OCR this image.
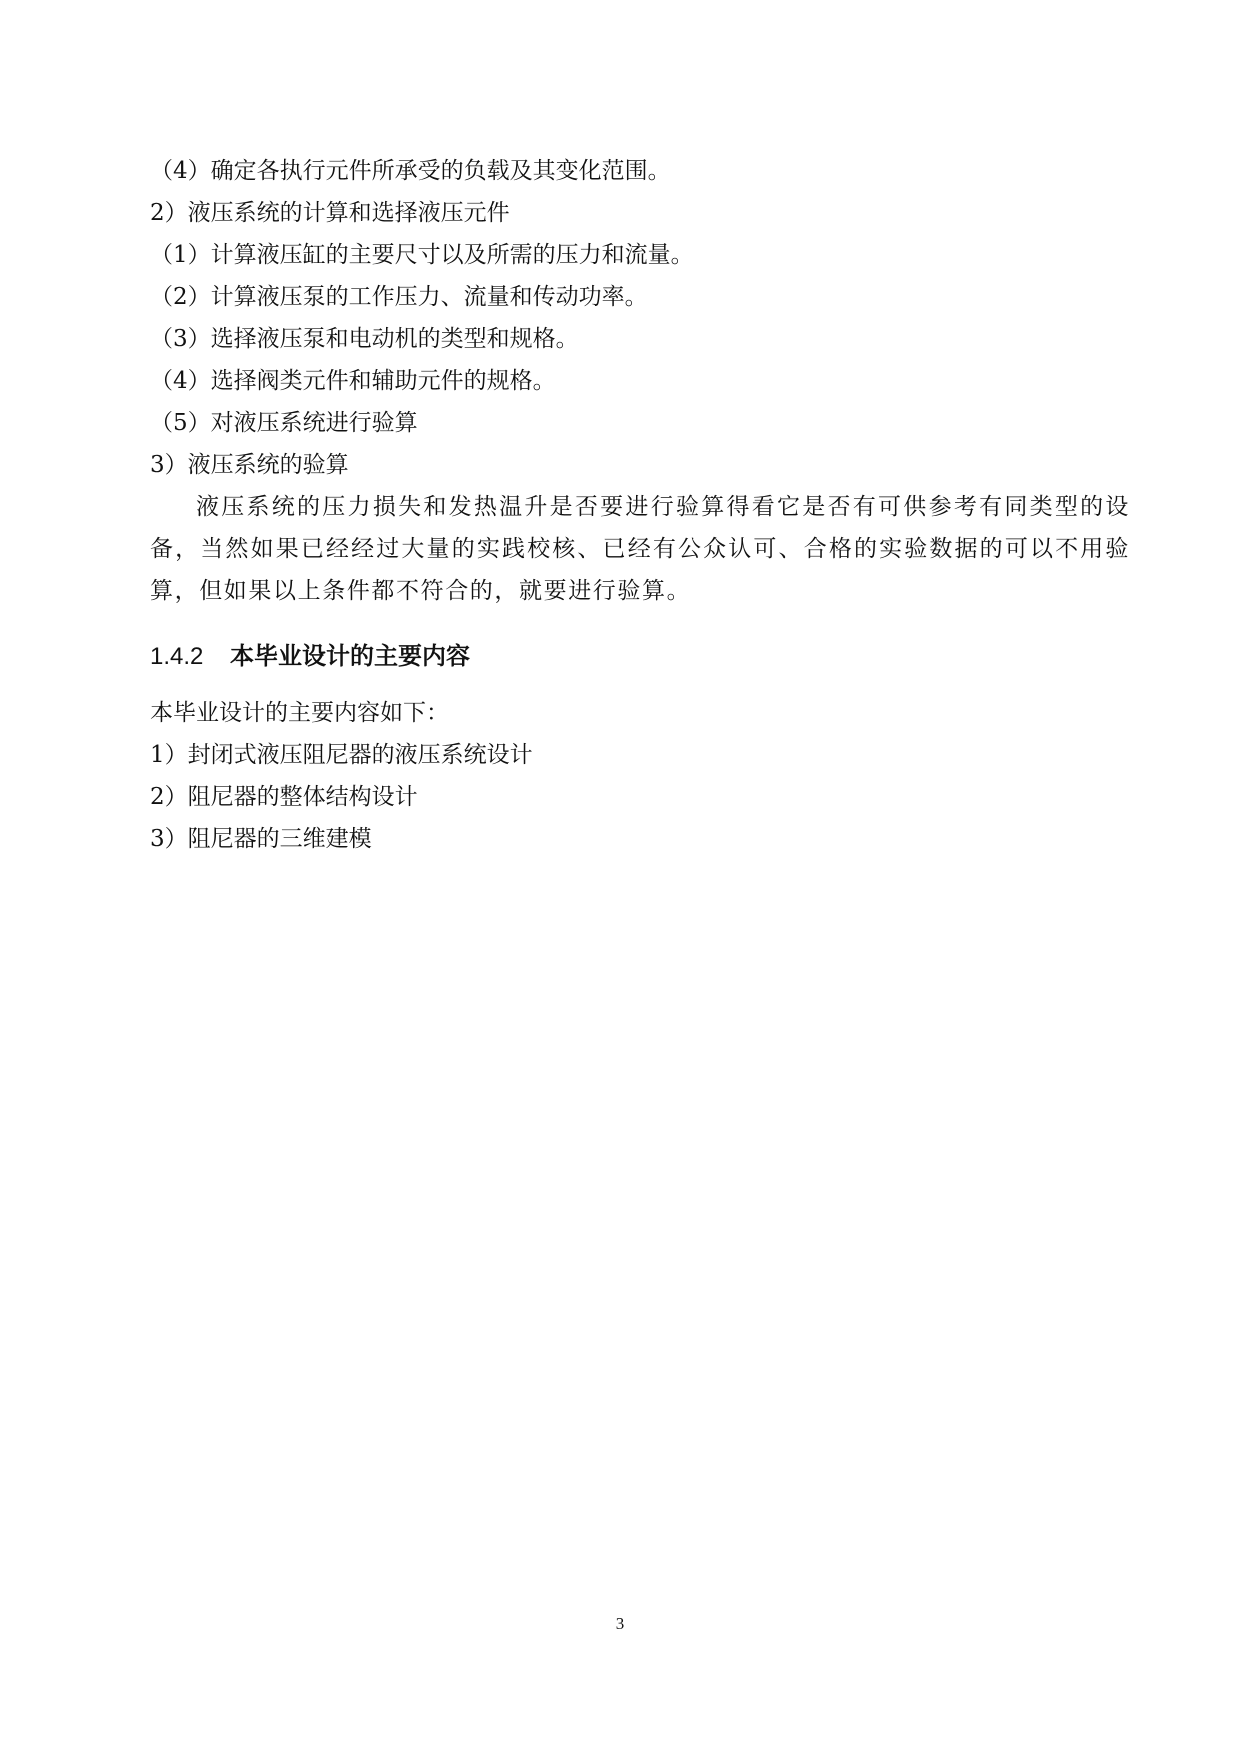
（4）确定各执行元件所承受的负载及其变化范围。
2）液压系统的计算和选择液压元件
（1）计算液压缸的主要尺寸以及所需的压力和流量。
（2）计算液压泵的工作压力、流量和传动功率。
（3）选择液压泵和电动机的类型和规格。
（4）选择阀类元件和辅助元件的规格。
（5）对液压系统进行验算
3）液压系统的验算

液压系统的压力损失和发热温升是否要进行验算得看它是否有可供参考有同类型的设备，当然如果已经经过大量的实践校核、已经有公众认可、合格的实验数据的可以不用验算，但如果以上条件都不符合的，就要进行验算。

1.4.2 本毕业设计的主要内容
本毕业设计的主要内容如下：
1）封闭式液压阻尼器的液压系统设计
2）阻尼器的整体结构设计
3）阻尼器的三维建模
3
